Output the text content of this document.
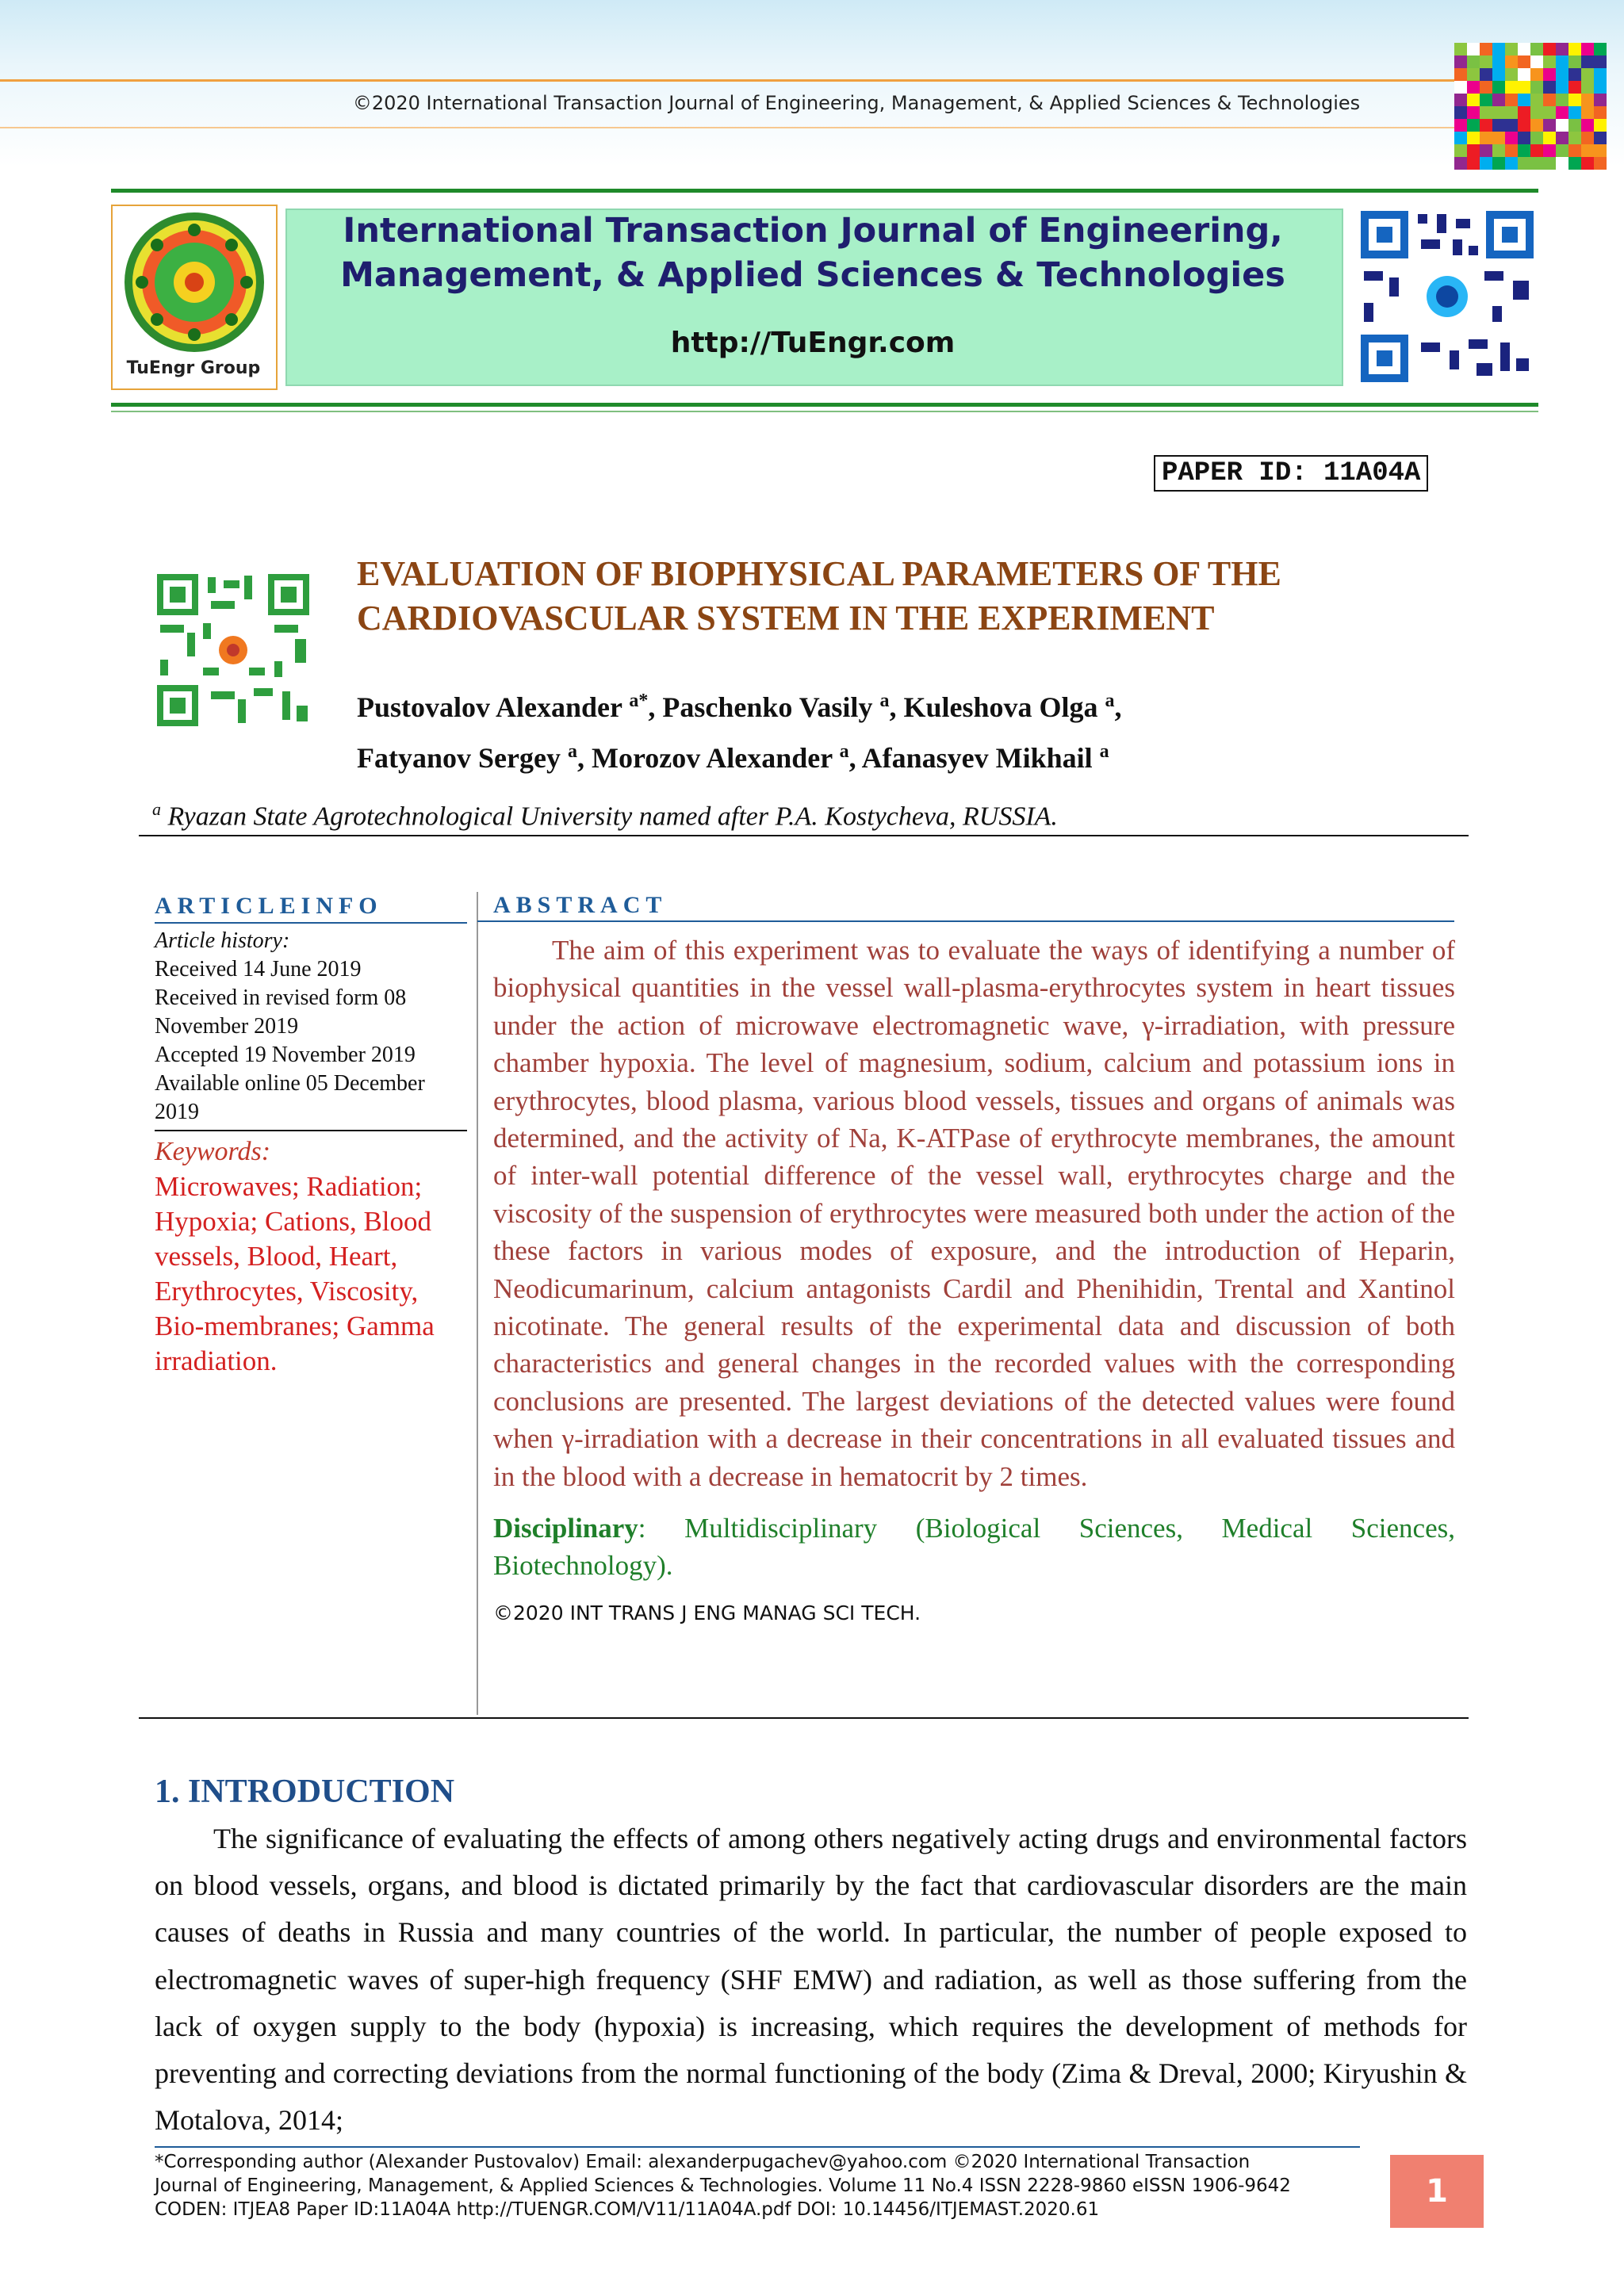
©2020 International Transaction Journal of Engineering, Management, & Applied Sciences & Technologies
TuEngr Group
International Transaction Journal of Engineering,
Management, & Applied Sciences & Technologies
http://TuEngr.com
PAPER ID: 11A04A
EVALUATION OF BIOPHYSICAL PARAMETERS OF THE
CARDIOVASCULAR SYSTEM IN THE EXPERIMENT
Pustovalov Alexander $^{a*}$, Paschenko Vasily $^a$, Kuleshova Olga $^a$,
Fatyanov Sergey $^a$, Morozov Alexander $^a$, Afanasyev Mikhail $^a$
$^a$ Ryazan State Agrotechnological University named after P.A. Kostycheva, RUSSIA.
ARTICLEINFO
Article history:
Received 14 June 2019
Received in revised form 08 November 2019
Accepted 19 November 2019
Available online 05 December 2019
Keywords:
Microwaves; Radiation; Hypoxia; Cations, Blood vessels, Blood, Heart, Erythrocytes, Viscosity, Bio-membranes; Gamma irradiation.
ABSTRACT
The aim of this experiment was to evaluate the ways of identifying a number of biophysical quantities in the vessel wall-plasma-erythrocytes system in heart tissues under the action of microwave electromagnetic wave, γ-irradiation, with pressure chamber hypoxia. The level of magnesium, sodium, calcium and potassium ions in erythrocytes, blood plasma, various blood vessels, tissues and organs of animals was determined, and the activity of Na, K-ATPase of erythrocyte membranes, the amount of inter-wall potential difference of the vessel wall, erythrocytes charge and the viscosity of the suspension of erythrocytes were measured both under the action of the these factors in various modes of exposure, and the introduction of Heparin, Neodicumarinum, calcium antagonists Cardil and Phenihidin, Trental and Xantinol nicotinate. The general results of the experimental data and discussion of both characteristics and general changes in the recorded values with the corresponding conclusions are presented. The largest deviations of the detected values were found when γ-irradiation with a decrease in their concentrations in all evaluated tissues and in the blood with a decrease in hematocrit by 2 times.
Disciplinary: Multidisciplinary (Biological Sciences, Medical Sciences, Biotechnology).
©2020 INT TRANS J ENG MANAG SCI TECH.
1. INTRODUCTION
The significance of evaluating the effects of among others negatively acting drugs and environmental factors on blood vessels, organs, and blood is dictated primarily by the fact that cardiovascular disorders are the main causes of deaths in Russia and many countries of the world. In particular, the number of people exposed to electromagnetic waves of super-high frequency (SHF EMW) and radiation, as well as those suffering from the lack of oxygen supply to the body (hypoxia) is increasing, which requires the development of methods for preventing and correcting deviations from the normal functioning of the body (Zima & Dreval, 2000; Kiryushin & Motalova, 2014;
*Corresponding author (Alexander Pustovalov) Email: alexanderpugachev@yahoo.com ©2020 International Transaction
Journal of Engineering, Management, & Applied Sciences & Technologies. Volume 11 No.4 ISSN 2228-9860 eISSN 1906-9642
CODEN: ITJEA8 Paper ID:11A04A http://TUENGR.COM/V11/11A04A.pdf DOI: 10.14456/ITJEMAST.2020.61	1
